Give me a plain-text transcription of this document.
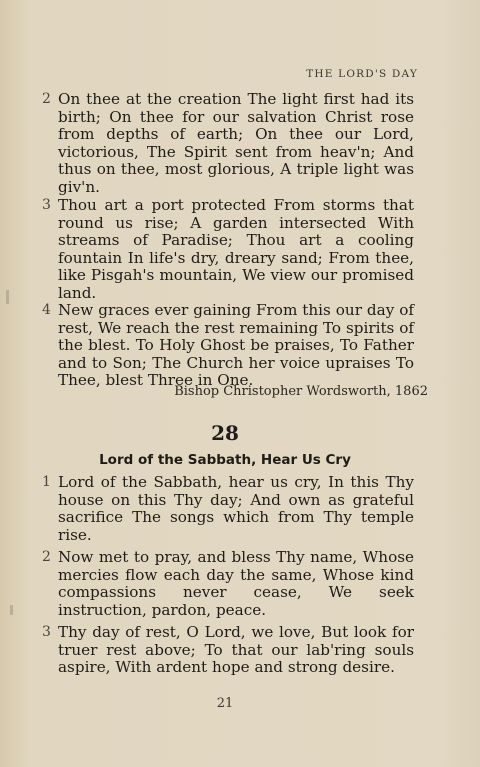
THE LORD'S DAY
2 On thee at the creation The light first had its birth; On thee for our salvation Christ rose from depths of earth; On thee our Lord, victorious, The Spirit sent from heav'n; And thus on thee, most glorious, A triple light was giv'n.
3 Thou art a port protected From storms that round us rise; A garden intersected With streams of Paradise; Thou art a cooling fountain In life's dry, dreary sand; From thee, like Pisgah's mountain, We view our promised land.
4 New graces ever gaining From this our day of rest, We reach the rest remaining To spirits of the blest. To Holy Ghost be praises, To Father and to Son; The Church her voice upraises To Thee, blest Three in One.
Bishop Christopher Wordsworth, 1862
28
Lord of the Sabbath, Hear Us Cry
1 Lord of the Sabbath, hear us cry, In this Thy house on this Thy day; And own as grateful sacrifice The songs which from Thy temple rise.
2 Now met to pray, and bless Thy name, Whose mercies flow each day the same, Whose kind compassions never cease, We seek instruction, pardon, peace.
3 Thy day of rest, O Lord, we love, But look for truer rest above; To that our lab'ring souls aspire, With ardent hope and strong desire.
21
